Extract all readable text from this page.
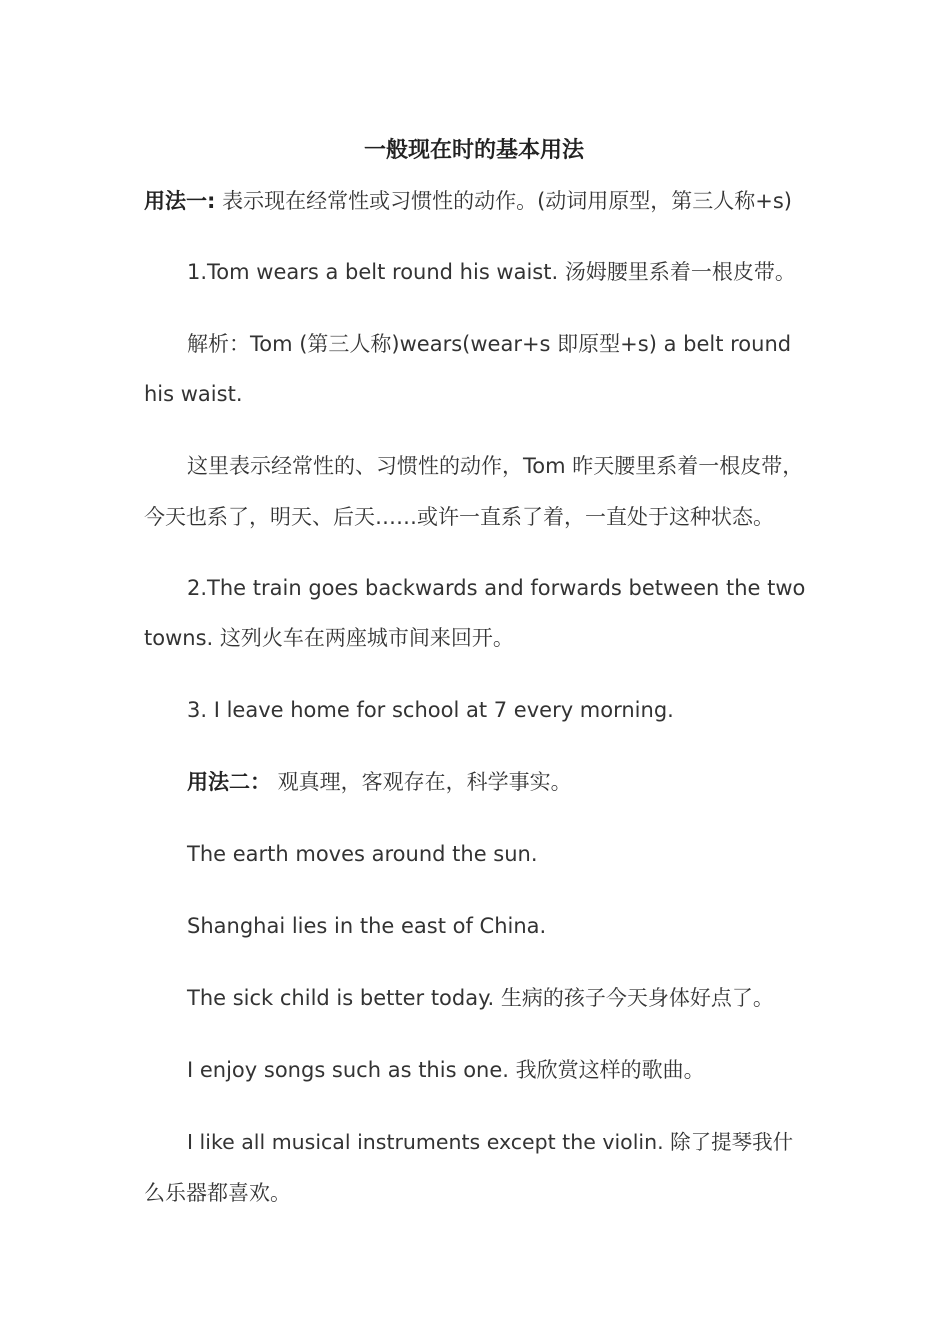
一般现在时的基本用法
用法一: 表示现在经常性或习惯性的动作。(动词用原型，第三人称+s)
1.Tom wears a belt round his waist. 汤姆腰里系着一根皮带。
解析：Tom (第三人称)wears(wear+s 即原型+s) a belt round
his waist.
这里表示经常性的、习惯性的动作，Tom 昨天腰里系着一根皮带，
今天也系了，明天、后天……或许一直系了着，一直处于这种状态。
2.The train goes backwards and forwards between the two
towns. 这列火车在两座城市间来回开。
3. I leave home for school at 7 every morning.
用法二： 观真理，客观存在，科学事实。
The earth moves around the sun.
Shanghai lies in the east of China.
The sick child is better today. 生病的孩子今天身体好点了。
I enjoy songs such as this one. 我欣赏这样的歌曲。
I like all musical instruments except the violin. 除了提琴我什
么乐器都喜欢。
